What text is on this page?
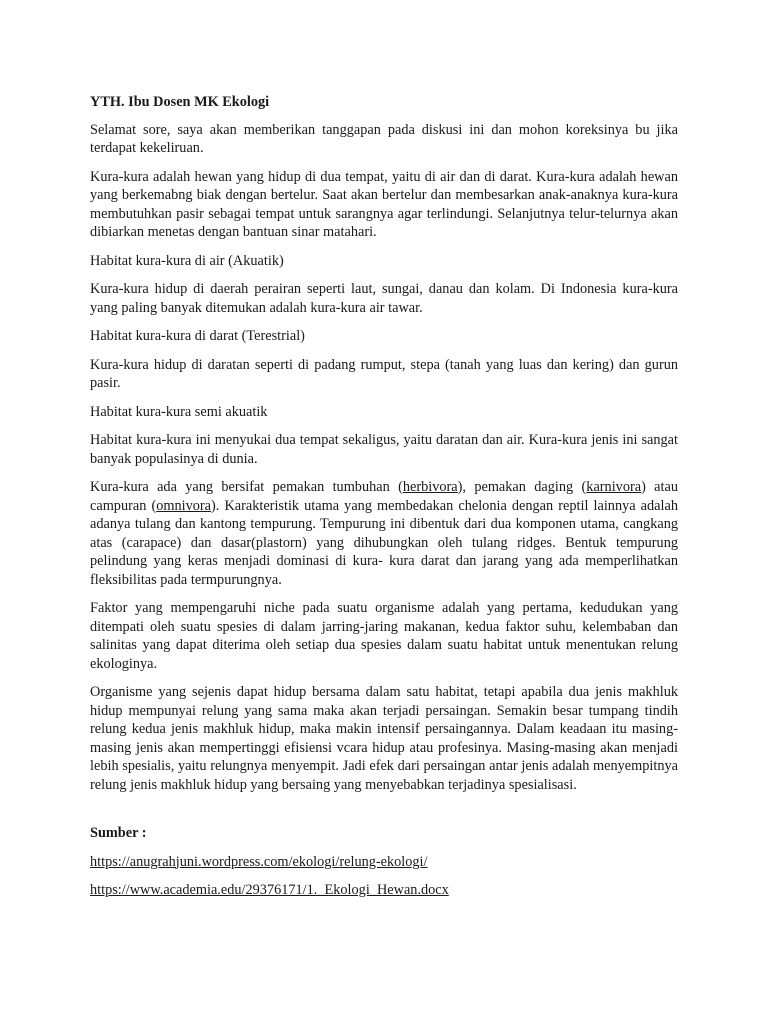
YTH. Ibu Dosen MK Ekologi

Selamat sore, saya akan memberikan tanggapan pada diskusi ini dan mohon koreksinya bu jika terdapat kekeliruan.

Kura-kura adalah hewan yang hidup di dua tempat, yaitu di air dan di darat. Kura-kura adalah hewan yang berkemabng biak dengan bertelur. Saat akan bertelur dan membesarkan anak-anaknya kura-kura membutuhkan pasir sebagai tempat untuk sarangnya agar terlindungi. Selanjutnya telur-telurnya akan dibiarkan menetas dengan bantuan sinar matahari.

Habitat kura-kura di air (Akuatik)

Kura-kura hidup di daerah perairan seperti laut, sungai, danau dan kolam. Di Indonesia kura-kura yang paling banyak ditemukan adalah kura-kura air tawar.

Habitat kura-kura di darat (Terestrial)

Kura-kura hidup di daratan seperti di padang rumput, stepa (tanah yang luas dan kering) dan gurun pasir.

Habitat kura-kura semi akuatik

Habitat kura-kura ini menyukai dua tempat sekaligus, yaitu daratan dan air. Kura-kura jenis ini sangat banyak populasinya di dunia.

Kura-kura ada yang bersifat pemakan tumbuhan (herbivora), pemakan daging (karnivora) atau campuran (omnivora). Karakteristik utama yang membedakan chelonia dengan reptil lainnya adalah adanya tulang dan kantong tempurung. Tempurung ini dibentuk dari dua komponen utama, cangkang atas (carapace) dan dasar(plastorn) yang dihubungkan oleh tulang ridges. Bentuk tempurung pelindung yang keras menjadi dominasi di kura- kura darat dan jarang yang ada memperlihatkan fleksibilitas pada termpurungnya.

Faktor yang mempengaruhi niche pada suatu organisme adalah yang pertama, kedudukan yang ditempati oleh suatu spesies di dalam jarring-jaring makanan, kedua faktor suhu, kelembaban dan salinitas yang dapat diterima oleh setiap dua spesies dalam suatu habitat untuk menentukan relung ekologinya.

Organisme yang sejenis dapat hidup bersama dalam satu habitat, tetapi apabila dua jenis makhluk hidup mempunyai relung yang sama maka akan terjadi persaingan. Semakin besar tumpang tindih relung kedua jenis makhluk hidup, maka makin intensif persaingannya. Dalam keadaan itu masing-masing jenis akan mempertinggi efisiensi vcara hidup atau profesinya. Masing-masing akan menjadi lebih spesialis, yaitu relungnya menyempit. Jadi efek dari persaingan antar jenis adalah menyempitnya relung jenis makhluk hidup yang bersaing yang menyebabkan terjadinya spesialisasi.

Sumber :

https://anugrahjuni.wordpress.com/ekologi/relung-ekologi/
https://www.academia.edu/29376171/1._Ekologi_Hewan.docx
